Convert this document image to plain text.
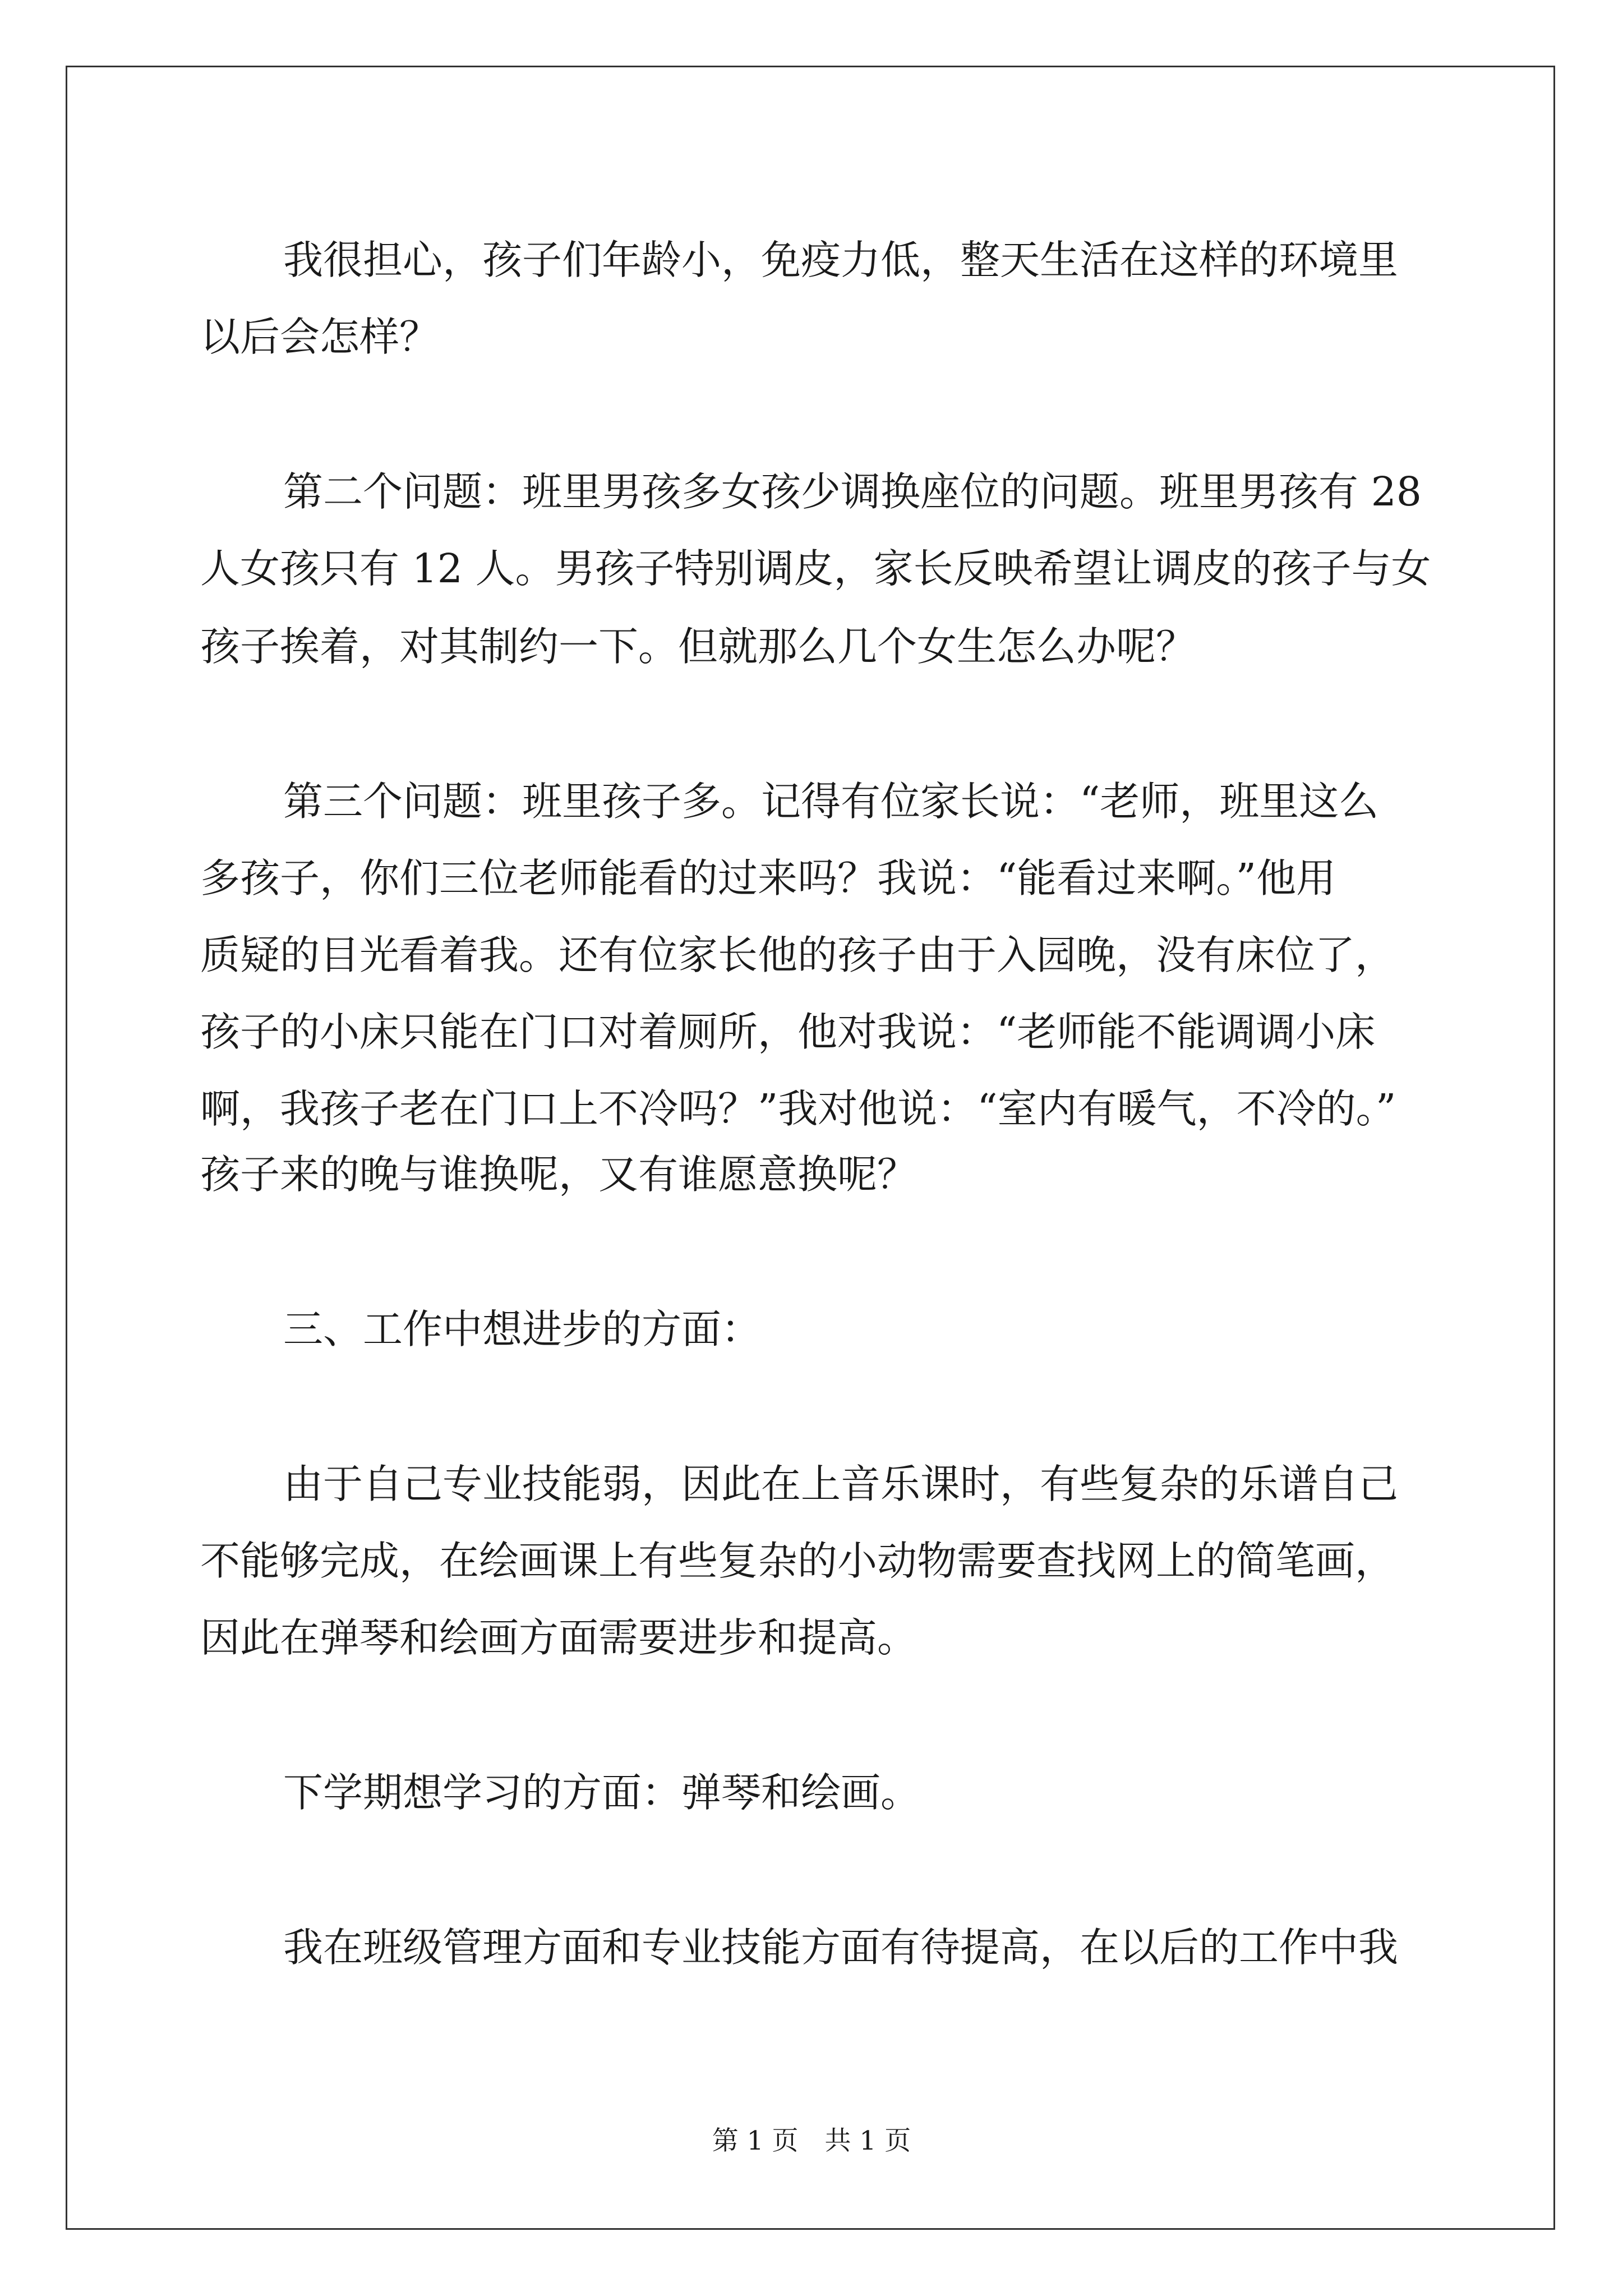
我很担心，孩子们年龄小，免疫力低，整天生活在这样的环境里
以后会怎样？
第二个问题：班里男孩多女孩少调换座位的问题。班里男孩有 28
人女孩只有 12 人。男孩子特别调皮，家长反映希望让调皮的孩子与女
孩子挨着，对其制约一下。但就那么几个女生怎么办呢？
第三个问题：班里孩子多。记得有位家长说：“老师，班里这么
多孩子，你们三位老师能看的过来吗？我说：“能看过来啊。”他用
质疑的目光看着我。还有位家长他的孩子由于入园晚，没有床位了，
孩子的小床只能在门口对着厕所，他对我说：“老师能不能调调小床
啊，我孩子老在门口上不冷吗？”我对他说：“室内有暖气，不冷的。”
孩子来的晚与谁换呢，又有谁愿意换呢？
三、工作中想进步的方面：
由于自己专业技能弱，因此在上音乐课时，有些复杂的乐谱自己
不能够完成，在绘画课上有些复杂的小动物需要查找网上的简笔画，
因此在弹琴和绘画方面需要进步和提高。
下学期想学习的方面：弹琴和绘画。
我在班级管理方面和专业技能方面有待提高，在以后的工作中我
第 1 页　共 1 页
